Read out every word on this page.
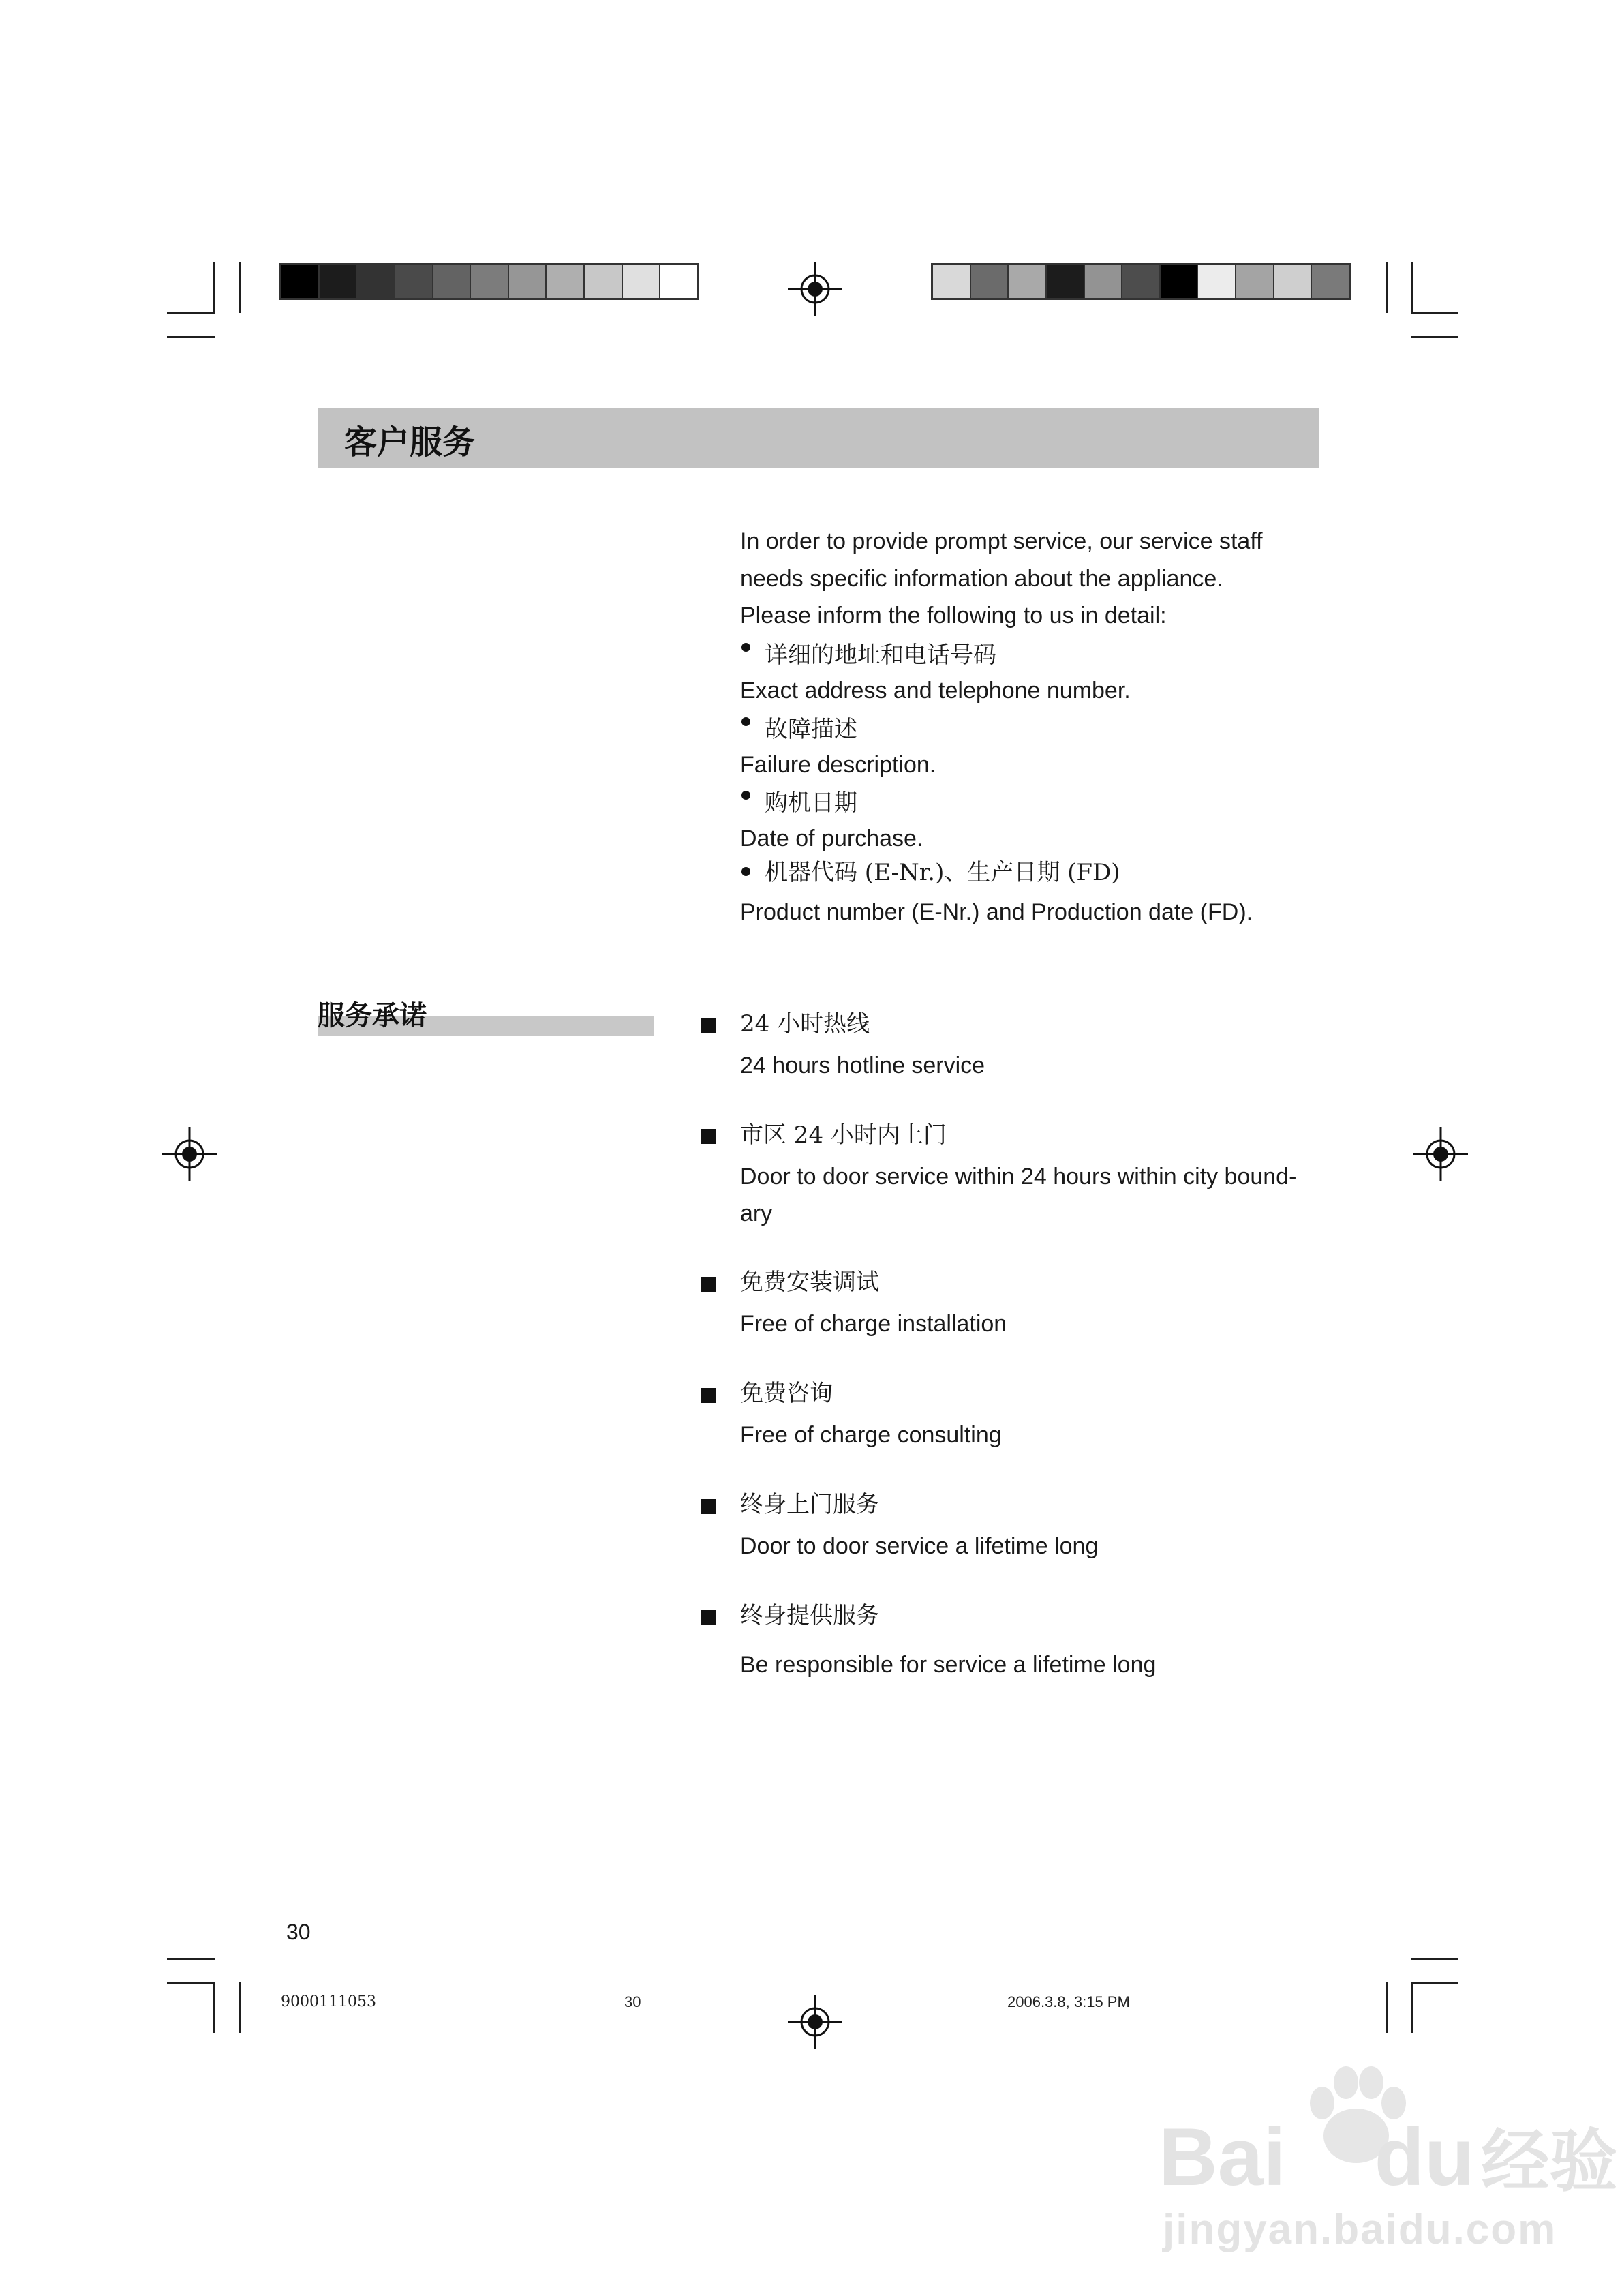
客户服务
In order to provide prompt service, our service staff
needs specific information about the appliance.
Please inform the following to us in detail:
详细的地址和电话号码
Exact address and telephone number.
故障描述
Failure description.
购机日期
Date of purchase.
机器代码 (E-Nr.)、生产日期 (FD)
Product number (E-Nr.) and Production date (FD).
服务承诺	24 小时热线
24 hours hotline service
市区 24 小时内上门
Door to door service within 24 hours within city bound-
ary
免费安装调试
Free of charge installation
免费咨询
Free of charge consulting
终身上门服务
Door to door service a lifetime long
终身提供服务
Be responsible for service a lifetime long
30
9000111053	30	2006.3.8, 3:15 PM
Bai du 经验
jingyan.baidu.com
